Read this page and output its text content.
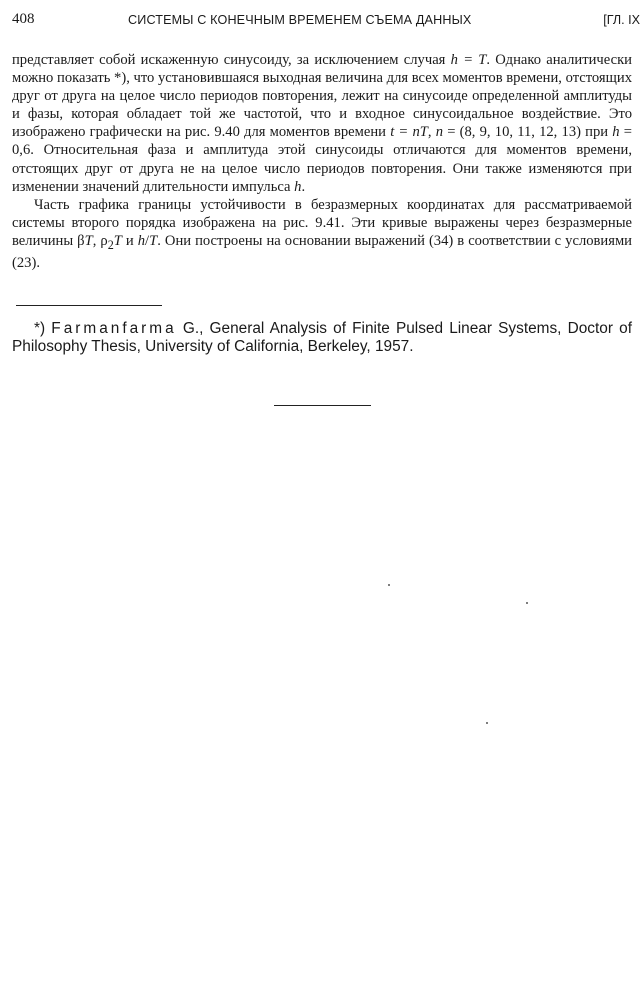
408	СИСТЕМЫ С КОНЕЧНЫМ ВРЕМЕНЕМ СЪЕМА ДАННЫХ	[ГЛ. IX

представляет собой искаженную синусоиду, за исключением случая h = T. Однако аналитически можно показать *), что установившаяся выходная величина для всех моментов времени, отстоящих друг от друга на целое число периодов повторения, лежит на синусоиде определенной амплитуды и фазы, которая обладает той же частотой, что и входное синусоидальное воздействие. Это изображено графически на рис. 9.40 для моментов времени t = nT, n = (8, 9, 10, 11, 12, 13) при h = 0,6. Относительная фаза и амплитуда этой синусоиды отличаются для моментов времени, отстоящих друг от друга не на целое число периодов повторения. Они также изменяются при изменении значений длительности импульса h.

Часть графика границы устойчивости в безразмерных координатах для рассматриваемой системы второго порядка изображена на рис. 9.41. Эти кривые выражены через безразмерные величины βT, $\rho_2T$ и h/T. Они построены на основании выражений (34) в соответствии с условиями (23).

*) Farmanfarma G., General Analysis of Finite Pulsed Linear Systems, Doctor of Philosophy Thesis, University of California, Berkeley, 1957.
